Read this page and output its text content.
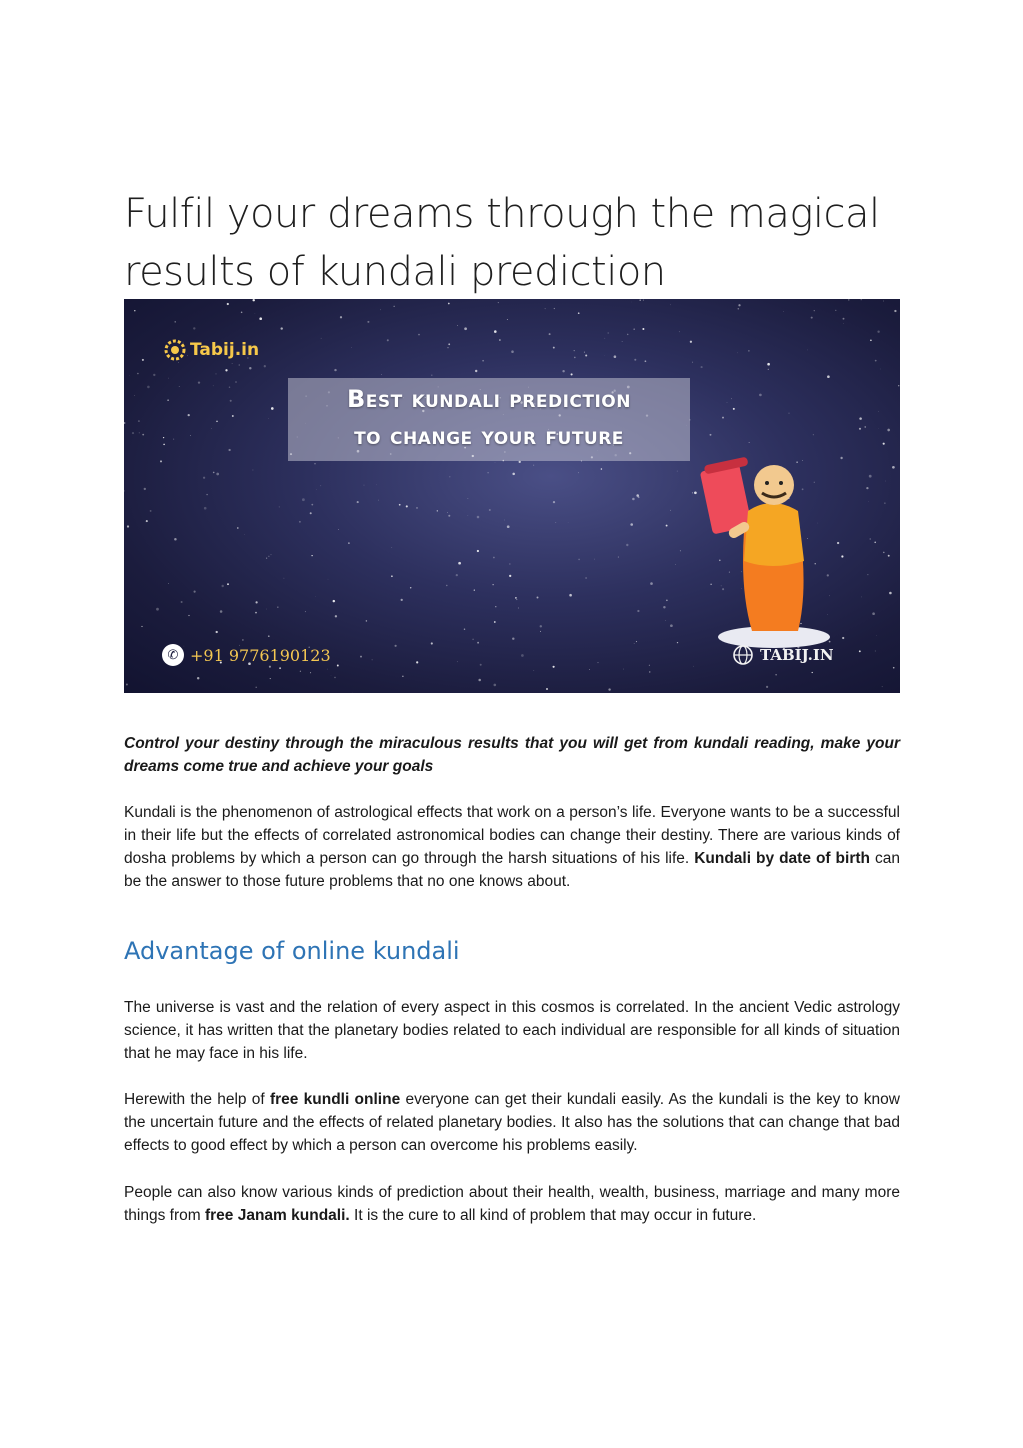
Fulfil your dreams through the magical results of kundali prediction
Tabij.in
Best kundali prediction
to change your future
✆ +91 9776190123	TABIJ.IN

Control your destiny through the miraculous results that you will get from kundali reading, make your dreams come true and achieve your goals

Kundali is the phenomenon of astrological effects that work on a person’s life. Everyone wants to be a successful in their life but the effects of correlated astronomical bodies can change their destiny. There are various kinds of dosha problems by which a person can go through the harsh situations of his life. Kundali by date of birth can be the answer to those future problems that no one knows about.

Advantage of online kundali

The universe is vast and the relation of every aspect in this cosmos is correlated. In the ancient Vedic astrology science, it has written that the planetary bodies related to each individual are responsible for all kinds of situation that he may face in his life.

Herewith the help of free kundli online everyone can get their kundali easily. As the kundali is the key to know the uncertain future and the effects of related planetary bodies. It also has the solutions that can change that bad effects to good effect by which a person can overcome his problems easily.

People can also know various kinds of prediction about their health, wealth, business, marriage and many more things from free Janam kundali. It is the cure to all kind of problem that may occur in future.
